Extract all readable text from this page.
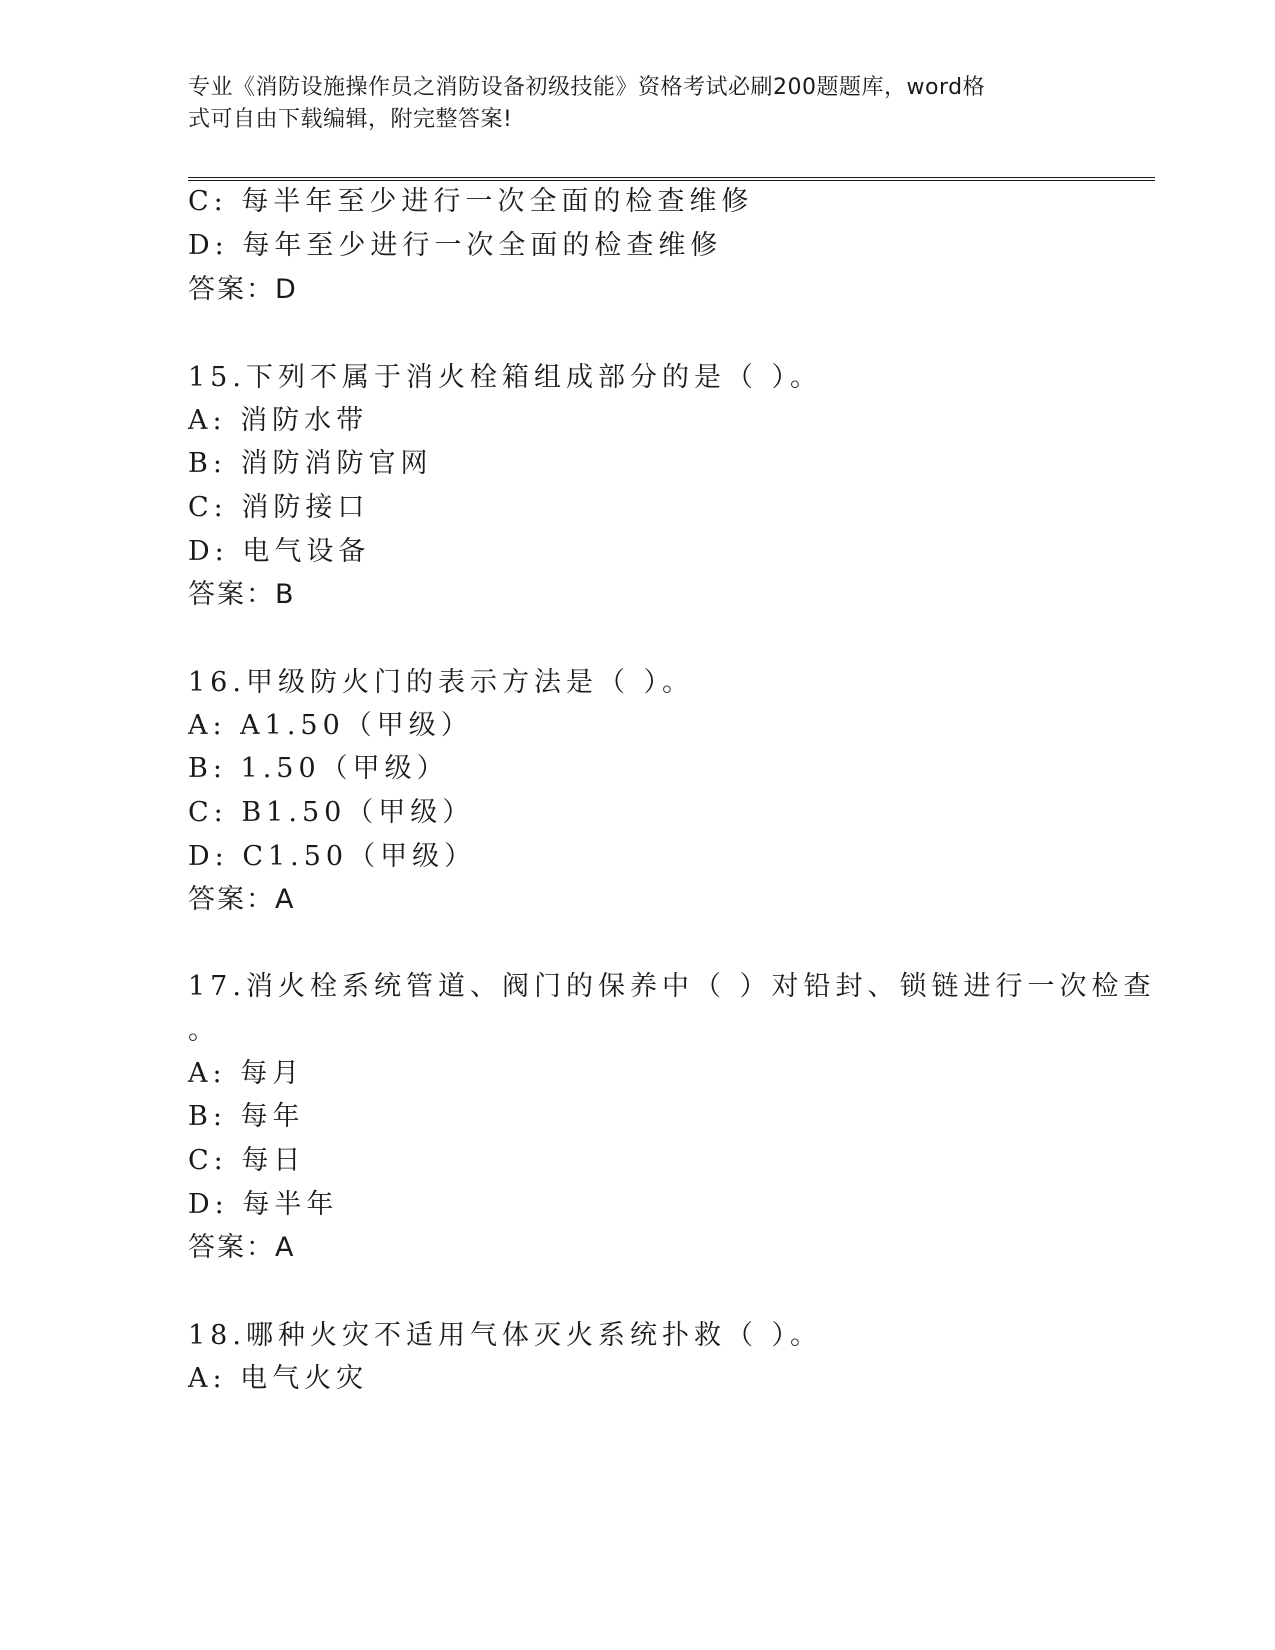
专业《消防设施操作员之消防设备初级技能》资格考试必刷200题题库，word格
式可自由下载编辑，附完整答案!
C: 每半年至少进行一次全面的检查维修
D: 每年至少进行一次全面的检查维修
答案：D
15.下列不属于消火栓箱组成部分的是（ ）。
A: 消防水带
B: 消防消防官网
C: 消防接口
D: 电气设备
答案：B
16.甲级防火门的表示方法是（ ）。
A: A1.50（甲级）
B: 1.50（甲级）
C: B1.50（甲级）
D: C1.50（甲级）
答案：A
17.消火栓系统管道、阀门的保养中（ ）对铅封、锁链进行一次检查
。
A: 每月
B: 每年
C: 每日
D: 每半年
答案：A
18.哪种火灾不适用气体灭火系统扑救（ ）。
A: 电气火灾
